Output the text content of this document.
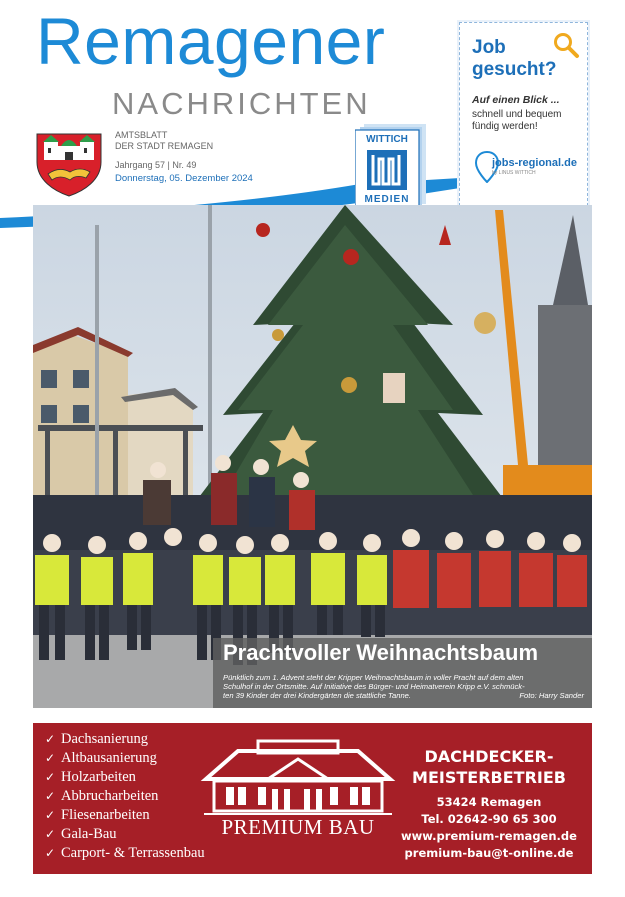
Remagener
NACHRICHTEN
AMTSBLATT
DER STADT REMAGEN
Jahrgang 57 | Nr. 49
Donnerstag, 05. Dezember 2024
WITTICH
MEDIEN
Job
gesucht?
Auf einen Blick ...
schnell und bequem
fündig werden!
jobs-regional.de
by LINUS WITTICH
Prachtvoller Weihnachtsbaum
Pünktlich zum 1. Advent steht der Kripper Weihnachtsbaum in voller Pracht auf dem alten
Schulhof in der Ortsmitte. Auf Initiative des Bürger- und Heimatverein Kripp e.V. schmück-
ten 39 Kinder der drei Kindergärten die stattliche Tanne.	Foto: Harry Sander
✓ Dachsanierung
✓ Altbausanierung
✓ Holzarbeiten
✓ Abbrucharbeiten
✓ Fliesenarbeiten
✓ Gala-Bau
✓ Carport- & Terrassenbau
PREMIUM BAU
DACHDECKER-
MEISTERBETRIEB
53424 Remagen
Tel. 02642-90 65 300
www.premium-remagen.de
premium-bau@t-online.de
